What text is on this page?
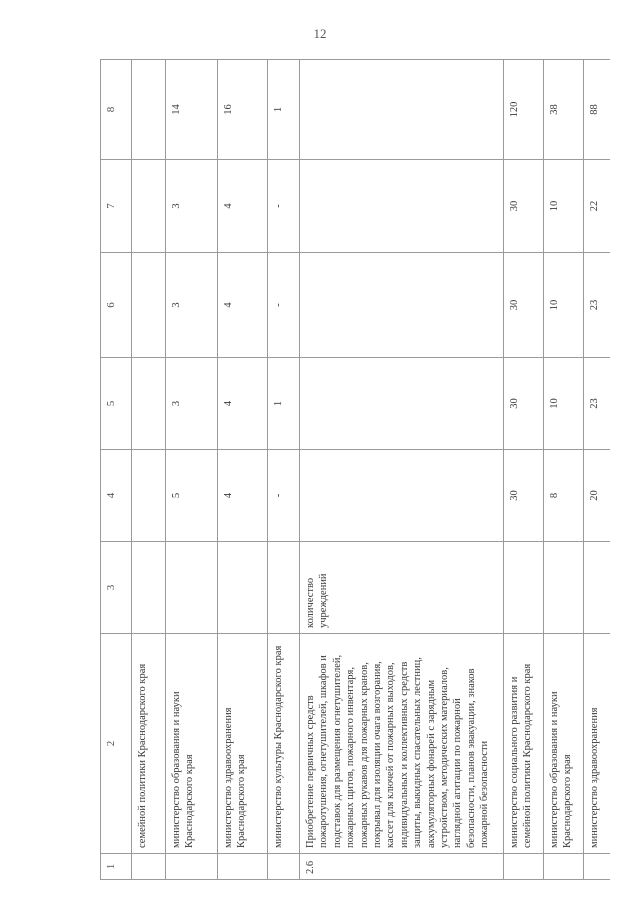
12
1	2	3	4	5	6	7	8
	семейной политики Краснодарского края						
	министерство образования и науки Краснодарского края		5	3	3	3	14
	министерство здравоохранения Краснодарского края		4	4	4	4	16
	министерство культуры Краснодарского края		-	1	-	-	1
2.6	Приобретение первичных средств пожаротушения, огнетушителей, шкафов и подставок для размещения огнетушителей, пожарных щитов, пожарного инвентаря, пожарных рукавов для пожарных кранов, покрывал для изоляции очага возгорания, кассет для ключей от пожарных выходов, индивидуальных и коллективных средств защиты, выкидных спасательных лестниц, аккумуляторных фонарей с зарядным устройством, методических материалов, наглядной агитации по пожарной безопасности, планов эвакуации, знаков пожарной безопасности	количество учреждений					
	министерство социального развития и семейной политики Краснодарского края		30	30	30	30	120
	министерство образования и науки Краснодарского края		8	10	10	10	38
	министерство здравоохранения		20	23	23	22	88
